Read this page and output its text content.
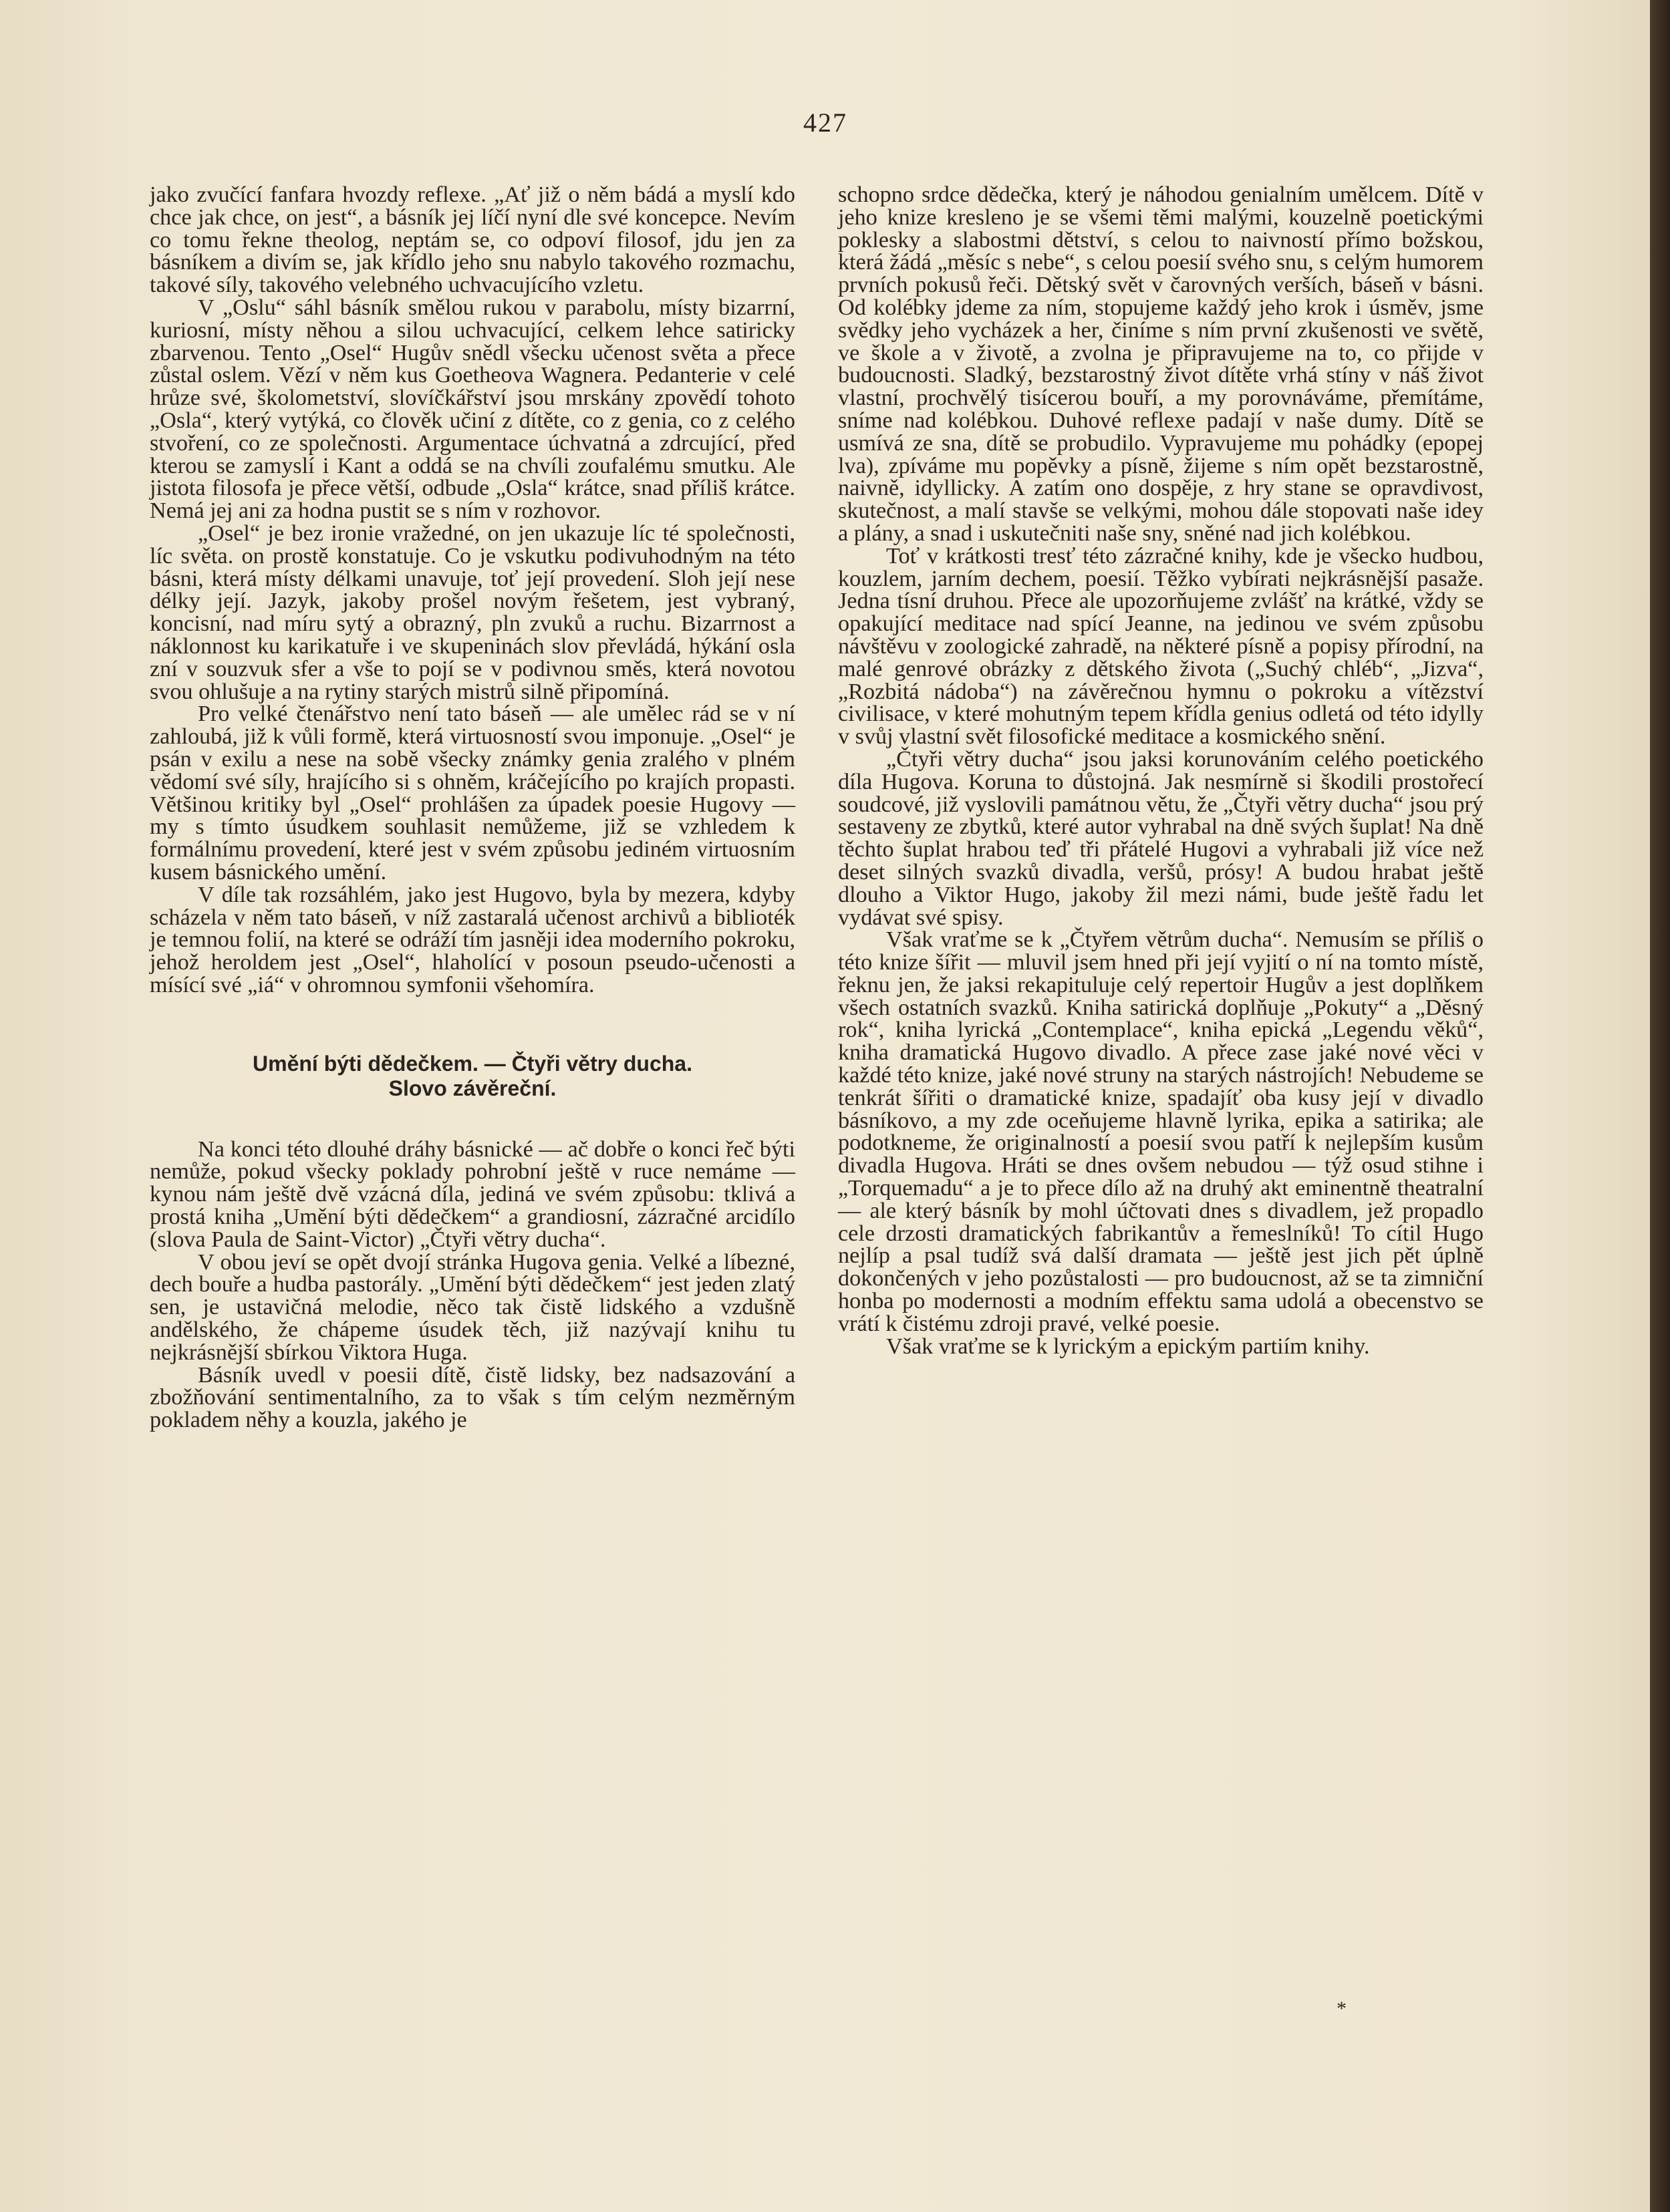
427

jako zvučící fanfara hvozdy reflexe. „Ať již o něm bádá a myslí kdo chce jak chce, on jest“, a básník jej líčí nyní dle své koncepce. Nevím co tomu řekne theolog, neptám se, co odpoví filosof, jdu jen za básníkem a divím se, jak křídlo jeho snu nabylo takového rozmachu, takové síly, takového velebného uchvacujícího vzletu.

V „Oslu“ sáhl básník smělou rukou v parabolu, místy bizarrní, kuriosní, místy něhou a silou uchvacující, celkem lehce satiricky zbarvenou. Tento „Osel“ Hugův snědl všecku učenost světa a přece zůstal oslem. Vězí v něm kus Goetheova Wagnera. Pedanterie v celé hrůze své, školometství, slovíčkářství jsou mrskány zpovědí tohoto „Osla“, který vytýká, co člověk učiní z dítěte, co z genia, co z celého stvoření, co ze společnosti. Argumentace úchvatná a zdrcující, před kterou se zamyslí i Kant a oddá se na chvíli zoufalému smutku. Ale jistota filosofa je přece větší, odbude „Osla“ krátce, snad příliš krátce. Nemá jej ani za hodna pustit se s ním v rozhovor.

„Osel“ je bez ironie vražedné, on jen ukazuje líc té společnosti, líc světa. on prostě konstatuje. Co je vskutku podivuhodným na této básni, která místy délkami unavuje, toť její provedení. Sloh její nese délky její. Jazyk, jakoby prošel novým řešetem, jest vybraný, koncisní, nad míru sytý a obrazný, pln zvuků a ruchu. Bizarrnost a náklonnost ku karikatuře i ve skupeninách slov převládá, hýkání osla zní v souzvuk sfer a vše to pojí se v podivnou směs, která novotou svou ohlušuje a na rytiny starých mistrů silně připomíná.

Pro velké čtenářstvo není tato báseň — ale umělec rád se v ní zahloubá, již k vůli formě, která virtuosností svou imponuje. „Osel“ je psán v exilu a nese na sobě všecky známky genia zralého v plném vědomí své síly, hrajícího si s ohněm, kráčejícího po krajích propasti. Většinou kritiky byl „Osel“ prohlášen za úpadek poesie Hugovy — my s tímto úsudkem souhlasit nemůžeme, již se vzhledem k formálnímu provedení, které jest v svém způsobu jediném virtuosním kusem básnického umění.

V díle tak rozsáhlém, jako jest Hugovo, byla by mezera, kdyby scházela v něm tato báseň, v níž zastaralá učenost archivů a biblioték je temnou folií, na které se odráží tím jasněji idea moderního pokroku, jehož heroldem jest „Osel“, hlaholící v posoun pseudo-učenosti a mísící své „iá“ v ohromnou symfonii všehomíra.

Umění býti dědečkem. — Čtyři větry ducha.
Slovo závěreční.

Na konci této dlouhé dráhy básnické — ač dobře o konci řeč býti nemůže, pokud všecky poklady pohrobní ještě v ruce nemáme — kynou nám ještě dvě vzácná díla, jediná ve svém způsobu: tklivá a prostá kniha „Umění býti dědečkem“ a grandiosní, zázračné arcidílo (slova Paula de Saint-Victor) „Čtyři větry ducha“.

V obou jeví se opět dvojí stránka Hugova genia. Velké a líbezné, dech bouře a hudba pastorály. „Umění býti dědečkem“ jest jeden zlatý sen, je ustavičná melodie, něco tak čistě lidského a vzdušně andělského, že chápeme úsudek těch, již nazývají knihu tu nejkrásnější sbírkou Viktora Huga.

Básník uvedl v poesii dítě, čistě lidsky, bez nadsazování a zbožňování sentimentalního, za to však s tím celým nezměrným pokladem něhy a kouzla, jakého je

schopno srdce dědečka, který je náhodou genialním umělcem. Dítě v jeho knize kresleno je se všemi těmi malými, kouzelně poetickými poklesky a slabostmi dětství, s celou to naivností přímo božskou, která žádá „měsíc s nebe“, s celou poesií svého snu, s celým humorem prvních pokusů řeči. Dětský svět v čarovných verších, báseň v básni. Od kolébky jdeme za ním, stopujeme každý jeho krok i úsměv, jsme svědky jeho vycházek a her, činíme s ním první zkušenosti ve světě, ve škole a v životě, a zvolna je připravujeme na to, co přijde v budoucnosti. Sladký, bezstarostný život dítěte vrhá stíny v náš život vlastní, prochvělý tisícerou bouří, a my porovnáváme, přemítáme, sníme nad kolébkou. Duhové reflexe padají v naše dumy. Dítě se usmívá ze sna, dítě se probudilo. Vypravujeme mu pohádky (epopej lva), zpíváme mu popěvky a písně, žijeme s ním opět bezstarostně, naivně, idyllicky. A zatím ono dospěje, z hry stane se opravdivost, skutečnost, a malí stavše se velkými, mohou dále stopovati naše idey a plány, a snad i uskutečniti naše sny, sněné nad jich kolébkou.

Toť v krátkosti tresť této zázračné knihy, kde je všecko hudbou, kouzlem, jarním dechem, poesií. Těžko vybírati nejkrásnější pasaže. Jedna tísní druhou. Přece ale upozorňujeme zvlášť na krátké, vždy se opakující meditace nad spící Jeanne, na jedinou ve svém způsobu návštěvu v zoologické zahradě, na některé písně a popisy přírodní, na malé genrové obrázky z dětského života („Suchý chléb“, „Jizva“, „Rozbitá nádoba“) na závěrečnou hymnu o pokroku a vítězství civilisace, v které mohutným tepem křídla genius odletá od této idylly v svůj vlastní svět filosofické meditace a kosmického snění.

„Čtyři větry ducha“ jsou jaksi korunováním celého poetického díla Hugova. Koruna to důstojná. Jak nesmírně si škodili prostořecí soudcové, již vyslovili památnou větu, že „Čtyři větry ducha“ jsou prý sestaveny ze zbytků, které autor vyhrabal na dně svých šuplat! Na dně těchto šuplat hrabou teď tři přátelé Hugovi a vyhrabali již více než deset silných svazků divadla, veršů, prósy! A budou hrabat ještě dlouho a Viktor Hugo, jakoby žil mezi námi, bude ještě řadu let vydávat své spisy.

Však vraťme se k „Čtyřem větrům ducha“. Nemusím se příliš o této knize šířit — mluvil jsem hned při její vyjití o ní na tomto místě, řeknu jen, že jaksi rekapituluje celý repertoir Hugův a jest doplňkem všech ostatních svazků. Kniha satirická doplňuje „Pokuty“ a „Děsný rok“, kniha lyrická „Contemplace“, kniha epická „Legendu věků“, kniha dramatická Hugovo divadlo. A přece zase jaké nové věci v každé této knize, jaké nové struny na starých nástrojích! Nebudeme se tenkrát šířiti o dramatické knize, spadajíť oba kusy její v divadlo básníkovo, a my zde oceňujeme hlavně lyrika, epika a satirika; ale podotkneme, že originalností a poesií svou patří k nejlepším kusům divadla Hugova. Hráti se dnes ovšem nebudou — týž osud stihne i „Torquemadu“ a je to přece dílo až na druhý akt eminentně theatralní — ale který básník by mohl účtovati dnes s divadlem, jež propadlo cele drzosti dramatických fabrikantův a řemeslníků! To cítil Hugo nejlíp a psal tudíž svá další dramata — ještě jest jich pět úplně dokončených v jeho pozůstalosti — pro budoucnost, až se ta zimniční honba po modernosti a modním effektu sama udolá a obecenstvo se vrátí k čistému zdroji pravé, velké poesie.

Však vraťme se k lyrickým a epickým partiím knihy.

*
